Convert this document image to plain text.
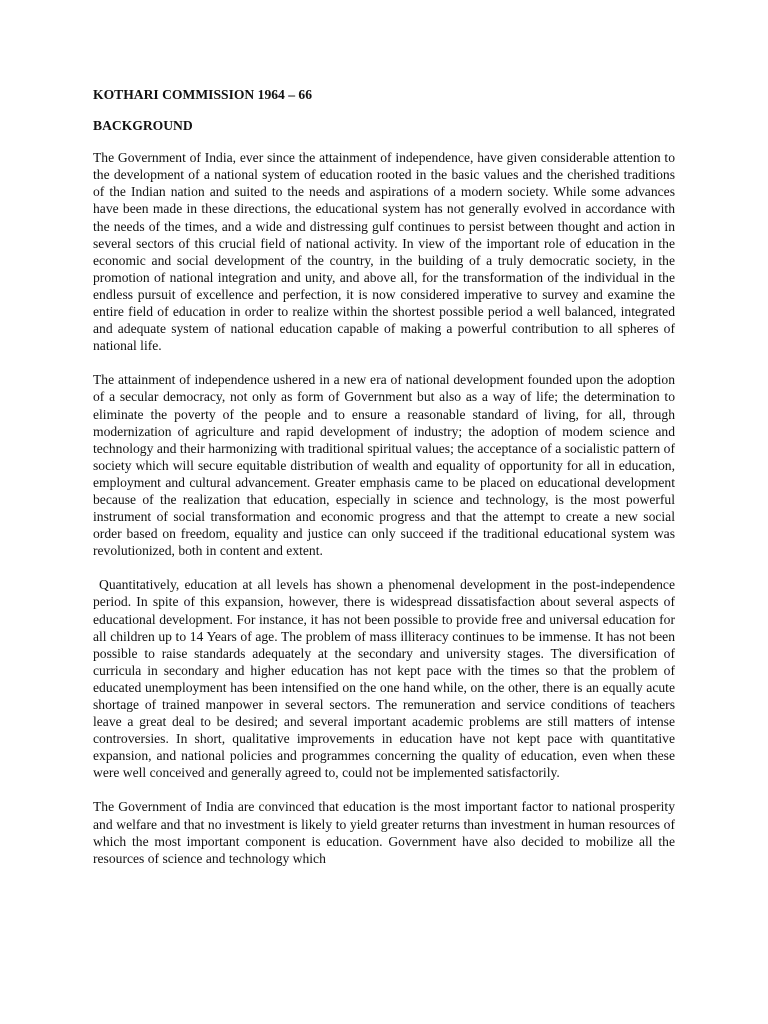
KOTHARI COMMISSION 1964 – 66
BACKGROUND

The Government of India, ever since the attainment of independence, have given considerable attention to the development of a national system of education rooted in the basic values and the cherished traditions of the Indian nation and suited to the needs and aspirations of a modern society. While some advances have been made in these directions, the educational system has not generally evolved in accordance with the needs of the times, and a wide and distressing gulf continues to persist between thought and action in several sectors of this crucial field of national activity. In view of the important role of education in the economic and social development of the country, in the building of a truly democratic society, in the promotion of national integration and unity, and above all, for the transformation of the individual in the endless pursuit of excellence and perfection, it is now considered imperative to survey and examine the entire field of education in order to realize within the shortest possible period a well balanced, integrated and adequate system of national education capable of making a powerful contribution to all spheres of national life.

The attainment of independence ushered in a new era of national development founded upon the adoption of a secular democracy, not only as form of Government but also as a way of life; the determination to eliminate the poverty of the people and to ensure a reasonable standard of living, for all, through modernization of agriculture and rapid development of industry; the adoption of modem science and technology and their harmonizing with traditional spiritual values; the acceptance of a socialistic pattern of society which will secure equitable distribution of wealth and equality of opportunity for all in education, employment and cultural advancement. Greater emphasis came to be placed on educational development because of the realization that education, especially in science and technology, is the most powerful instrument of social transformation and economic progress and that the attempt to create a new social order based on freedom, equality and justice can only succeed if the traditional educational system was revolutionized, both in content and extent.

Quantitatively, education at all levels has shown a phenomenal development in the post-independence period. In spite of this expansion, however, there is widespread dissatisfaction about several aspects of educational development. For instance, it has not been possible to provide free and universal education for all children up to 14 Years of age. The problem of mass illiteracy continues to be immense. It has not been possible to raise standards adequately at the secondary and university stages. The diversification of curricula in secondary and higher education has not kept pace with the times so that the problem of educated unemployment has been intensified on the one hand while, on the other, there is an equally acute shortage of trained manpower in several sectors. The remuneration and service conditions of teachers leave a great deal to be desired; and several important academic problems are still matters of intense controversies. In short, qualitative improvements in education have not kept pace with quantitative expansion, and national policies and programmes concerning the quality of education, even when these were well conceived and generally agreed to, could not be implemented satisfactorily.

The Government of India are convinced that education is the most important factor to national prosperity and welfare and that no investment is likely to yield greater returns than investment in human resources of which the most important component is education. Government have also decided to mobilize all the resources of science and technology which
